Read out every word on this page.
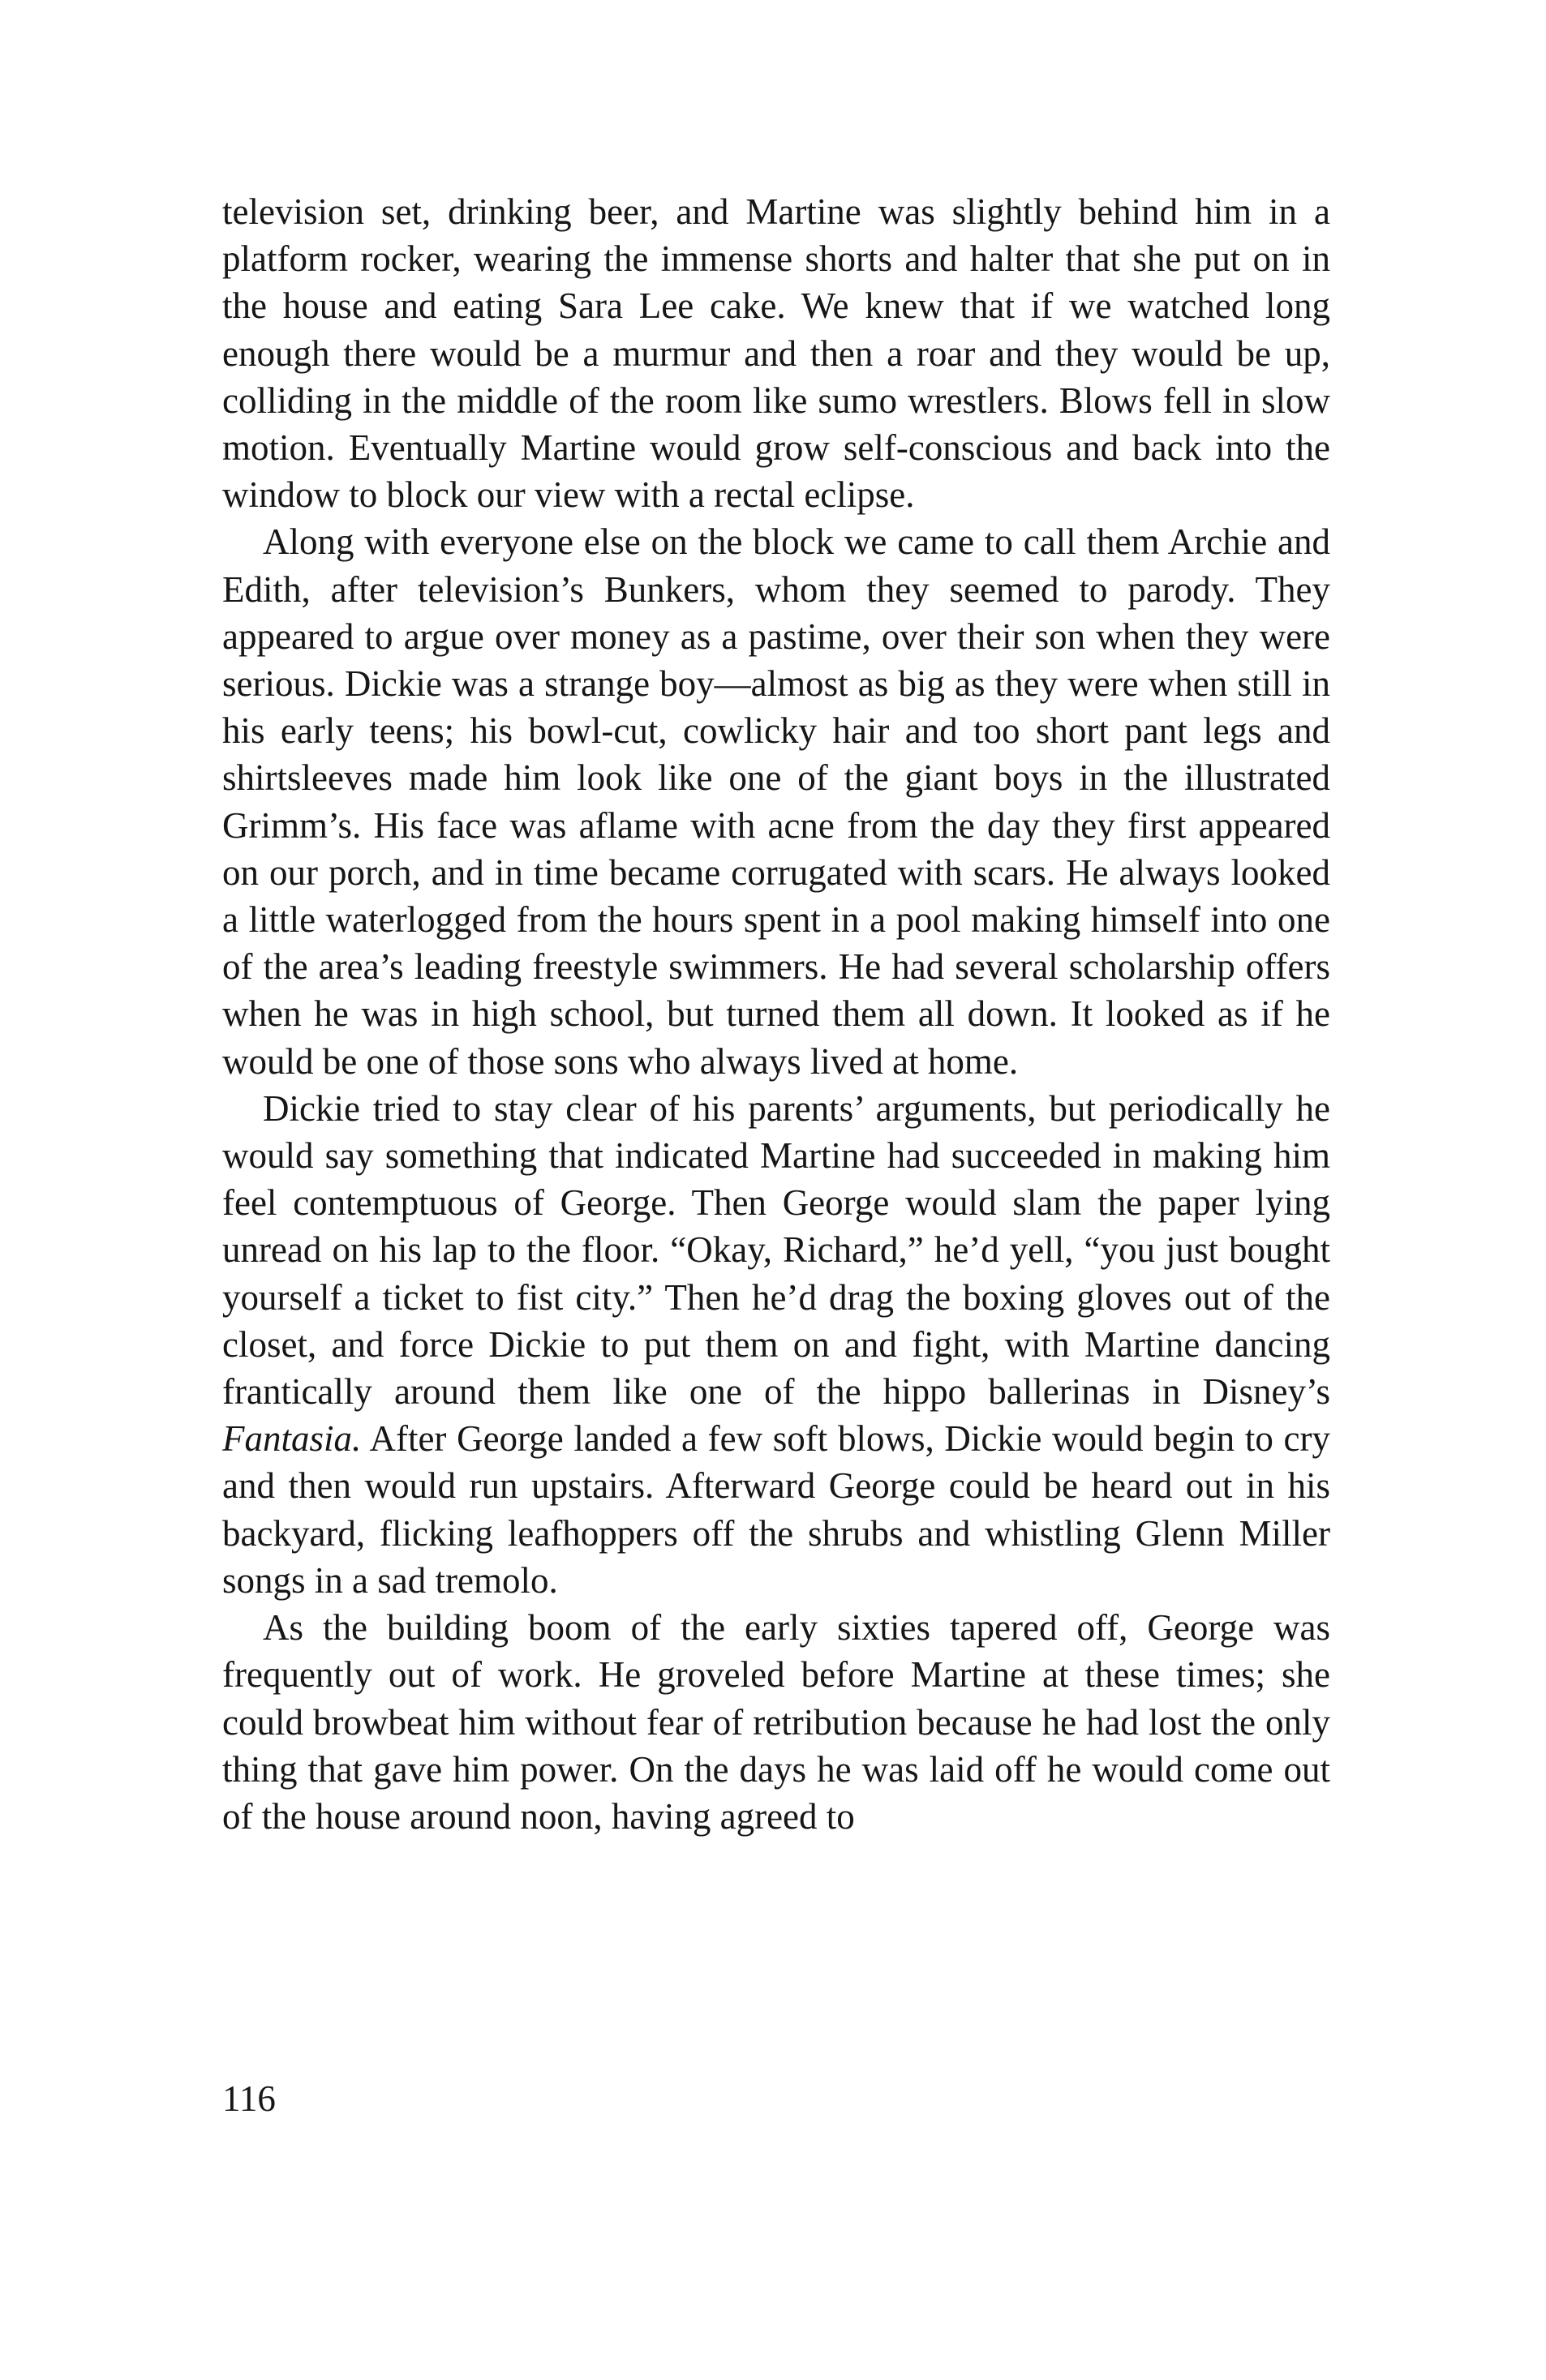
television set, drinking beer, and Martine was slightly behind him in a platform rocker, wearing the immense shorts and halter that she put on in the house and eating Sara Lee cake. We knew that if we watched long enough there would be a murmur and then a roar and they would be up, colliding in the middle of the room like sumo wrestlers. Blows fell in slow motion. Eventually Martine would grow self-conscious and back into the window to block our view with a rectal eclipse.

Along with everyone else on the block we came to call them Archie and Edith, after television’s Bunkers, whom they seemed to parody. They appeared to argue over money as a pastime, over their son when they were serious. Dickie was a strange boy—almost as big as they were when still in his early teens; his bowl-cut, cowlicky hair and too short pant legs and shirtsleeves made him look like one of the giant boys in the illustrated Grimm’s. His face was aflame with acne from the day they first appeared on our porch, and in time became corrugated with scars. He always looked a little waterlogged from the hours spent in a pool making himself into one of the area’s leading freestyle swimmers. He had several scholarship offers when he was in high school, but turned them all down. It looked as if he would be one of those sons who always lived at home.

Dickie tried to stay clear of his parents’ arguments, but periodically he would say something that indicated Martine had succeeded in making him feel contemptuous of George. Then George would slam the paper lying unread on his lap to the floor. “Okay, Richard,” he’d yell, “you just bought yourself a ticket to fist city.” Then he’d drag the boxing gloves out of the closet, and force Dickie to put them on and fight, with Martine dancing frantically around them like one of the hippo ballerinas in Disney’s Fantasia. After George landed a few soft blows, Dickie would begin to cry and then would run upstairs. Afterward George could be heard out in his backyard, flicking leafhoppers off the shrubs and whistling Glenn Miller songs in a sad tremolo.

As the building boom of the early sixties tapered off, George was frequently out of work. He groveled before Martine at these times; she could browbeat him without fear of retribution because he had lost the only thing that gave him power. On the days he was laid off he would come out of the house around noon, having agreed to

116
